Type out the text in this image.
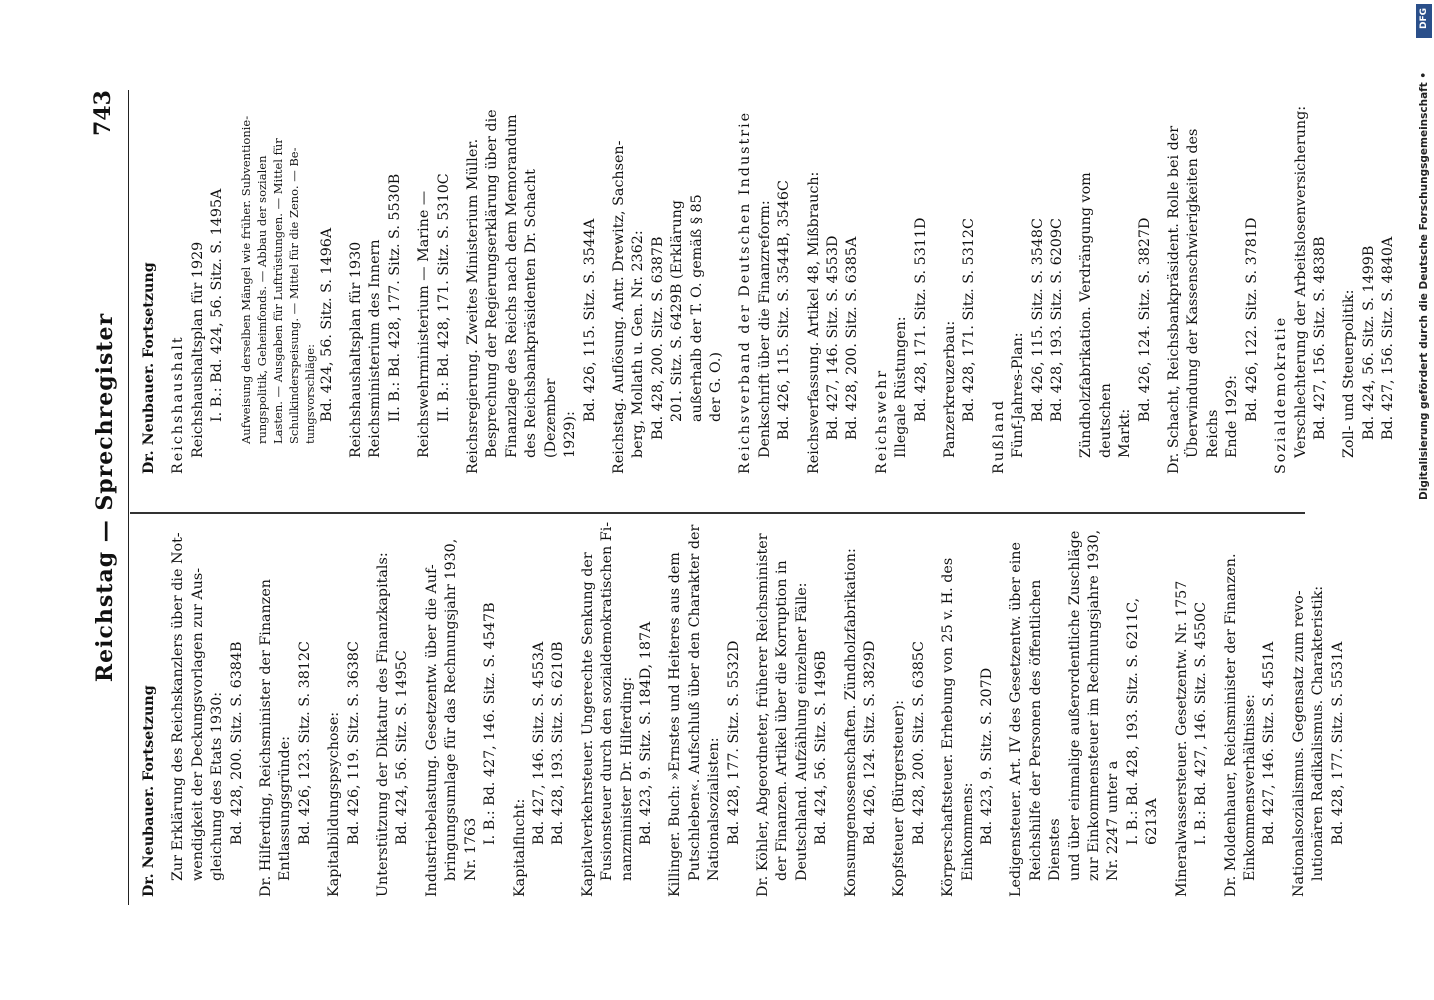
Reichstag — Sprechregister
743
Dr. Neubauer. Fortsetzung Zur Erklärung des Reichskanzlers über die Not- wendigkeit der Deckungsvorlagen zur Aus- gleichung des Etats 1930: Bd. 428, 200. Sitz. S. 6384B Dr. Hilferding, Reichsminister der Finanzen Entlassungsgründe: Bd. 426, 123. Sitz. S. 3812C Kapitalbildungspsychose: Bd. 426, 119. Sitz. S. 3638C Unterstützung der Diktatur des Finanzkapitals: Bd. 424, 56. Sitz. S. 1495C Industriebelastung. Gesetzentw. über die Auf- bringungsumlage für das Rechnungsjahr 1930, Nr. 1763
I. B.: Bd. 427, 146. Sitz. S. 4547B
Kapitalflucht:
Bd. 427, 146. Sitz. S. 4553A Bd. 428, 193. Sitz. S. 6210B Kapitalverkehrsteuer. Ungerechte Senkung der Fusionsteuer durch den sozialdemokratischen Fi- nanzminister Dr. Hilferding: Bd. 423, 9. Sitz. S. 184D, 187A Killinger. Buch: »Ernstes und Heiteres aus dem Putschleben«. Aufschluß über den Charakter der Nationalsozialisten: Bd. 428, 177. Sitz. S. 5532D Dr. Köhler, Abgeordneter, früherer Reichsminister der Finanzen. Artikel über die Korruption in Deutschland. Aufzählung einzelner Fälle: Bd. 424, 56. Sitz. S. 1496B Konsumgenossenschaften. Zündholzfabrikation: Bd. 426, 124. Sitz. S. 3829D Kopfsteuer (Bürgersteuer): Bd. 428, 200. Sitz. S. 6385C Körperschaftsteuer. Erhebung von 25 v. H. des Einkommens: Bd. 423, 9. Sitz. S. 207D Ledigensteuer. Art. IV des Gesetzentw. über eine Reichshilfe der Personen des öffentlichen Dienstes und über einmalige außerordentliche Zuschläge zur Einkommensteuer im Rechnungsjahre 1930, Nr. 2247 unter a I. B.: Bd. 428, 193. Sitz. S. 6211C, 6213A Mineralwassersteuer. Gesetzentw. Nr. 1757 I. B.: Bd. 427, 146. Sitz. S. 4550C Dr. Moldenhauer, Reichsminister der Finanzen. Einkommensverhältnisse: Bd. 427, 146. Sitz. S. 4551A Nationalsozialismus. Gegensatz zum revo- lutionären Radikalismus. Charakteristik: Bd. 428, 177. Sitz. S. 5531A
Dr. Neubauer. Fortsetzung Reichshaushalt Reichshaushaltsplan für 1929 I. B.: Bd. 424, 56. Sitz. S. 1495A Aufweisung derselben Mängel wie früher. Subventionie- rungspolitik, Geheimfonds. — Abbau der sozialen Lasten. — Ausgaben für Luftrüstungen. — Mittel für Schulkinderspeisung. — Mittel für die Zeno. — Be- tungsvorschläge: Bd. 424, 56. Sitz. S. 1496A Reichshaushaltsplan für 1930 Reichsministerium des Innern II. B.: Bd. 428, 177. Sitz. S. 5530B Reichswehrministerium — Marine — II. B.: Bd. 428, 171. Sitz. S. 5310C Reichsregierung. Zweites Ministerium Müller. Besprechung der Regierungserklärung über die Finanzlage des Reichs nach dem Memorandum des Reichsbankpräsidenten Dr. Schacht (Dezember 1929):
Bd. 426, 115. Sitz. S. 3544A Reichstag. Auflösung. Antr. Drewitz, Sachsen- berg, Mollath u. Gen. Nr. 2362: Bd. 428, 200. Sitz. S. 6387B 201. Sitz. S. 6429B (Erklärung außerhalb der T. O. gemäß § 85 der G. O.) Reichsverband der Deutschen Industrie Denkschrift über die Finanzreform: Bd. 426, 115. Sitz. S. 3544B, 3546C Reichsverfassung. Artikel 48, Mißbrauch: Bd. 427, 146. Sitz. S. 4553D Bd. 428, 200. Sitz. S. 6385A Reichswehr Illegale Rüstungen: Bd. 428, 171. Sitz. S. 5311D Panzerkreuzerbau: Bd. 428, 171. Sitz. S. 5312C
Rußland Fünf-Jahres-Plan: Bd. 426, 115. Sitz. S. 3548C Bd. 428, 193. Sitz. S. 6209C Zündholzfabrikation. Verdrängung vom deutschen Markt:
Bd. 426, 124. Sitz. S. 3827D Dr. Schacht, Reichsbankpräsident. Rolle bei der Überwindung der Kassenschwierigkeiten des Reichs Ende 1929: Bd. 426, 122. Sitz. S. 3781D Sozialdemokratie Verschlechterung der Arbeitslosenversicherung: Bd. 427, 156. Sitz. S. 4838B Zoll- und Steuerpolitik: Bd. 424, 56. Sitz. S. 1499B Bd. 427, 156. Sitz. S. 4840A Digitalisierung gefördert durch die Deutsche Forschungsgemeinschaft •
DFG
